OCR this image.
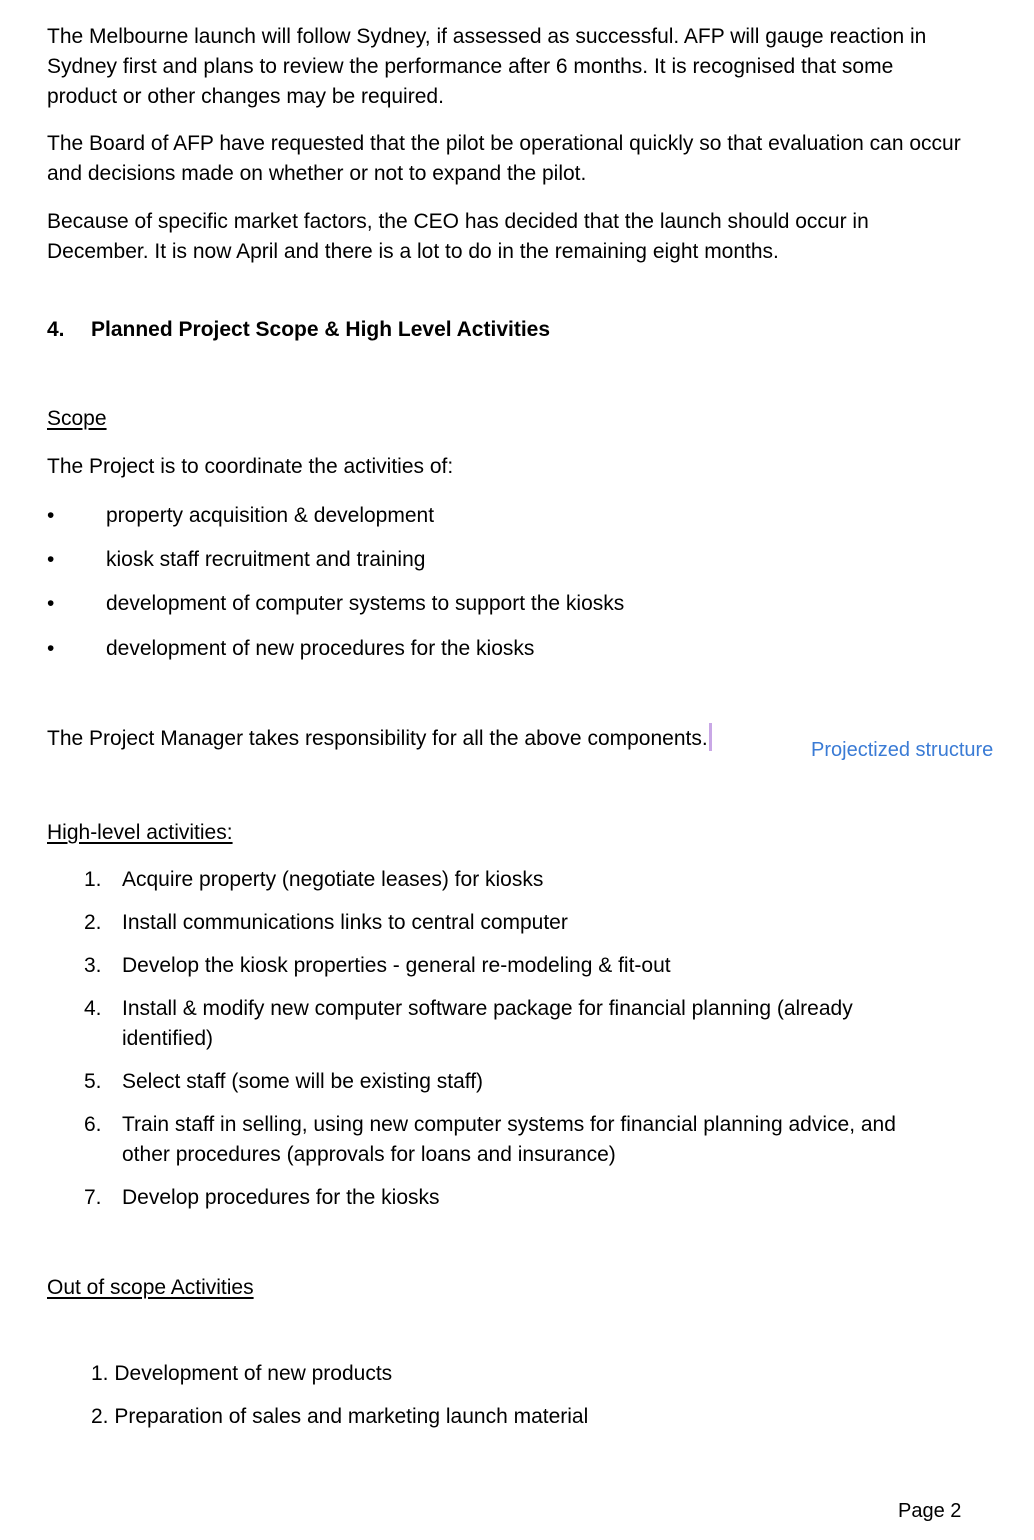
The Melbourne launch will follow Sydney, if assessed as successful. AFP will gauge reaction in Sydney first and plans to review the performance after 6 months. It is recognised that some product or other changes may be required.

The Board of AFP have requested that the pilot be operational quickly so that evaluation can occur and decisions made on whether or not to expand the pilot.

Because of specific market factors, the CEO has decided that the launch should occur in December. It is now April and there is a lot to do in the remaining eight months.

4. Planned Project Scope & High Level Activities

Scope

The Project is to coordinate the activities of:

•	property acquisition & development
•	kiosk staff recruitment and training
•	development of computer systems to support the kiosks
•	development of new procedures for the kiosks

The Project Manager takes responsibility for all the above components.	Projectized structure

High-level activities:

1. Acquire property (negotiate leases) for kiosks
2. Install communications links to central computer
3. Develop the kiosk properties - general re-modeling & fit-out
4. Install & modify new computer software package for financial planning (already identified)
5. Select staff (some will be existing staff)
6. Train staff in selling, using new computer systems for financial planning advice, and other procedures (approvals for loans and insurance)
7. Develop procedures for the kiosks

Out of scope Activities

1. Development of new products

2. Preparation of sales and marketing launch material

Page 2
